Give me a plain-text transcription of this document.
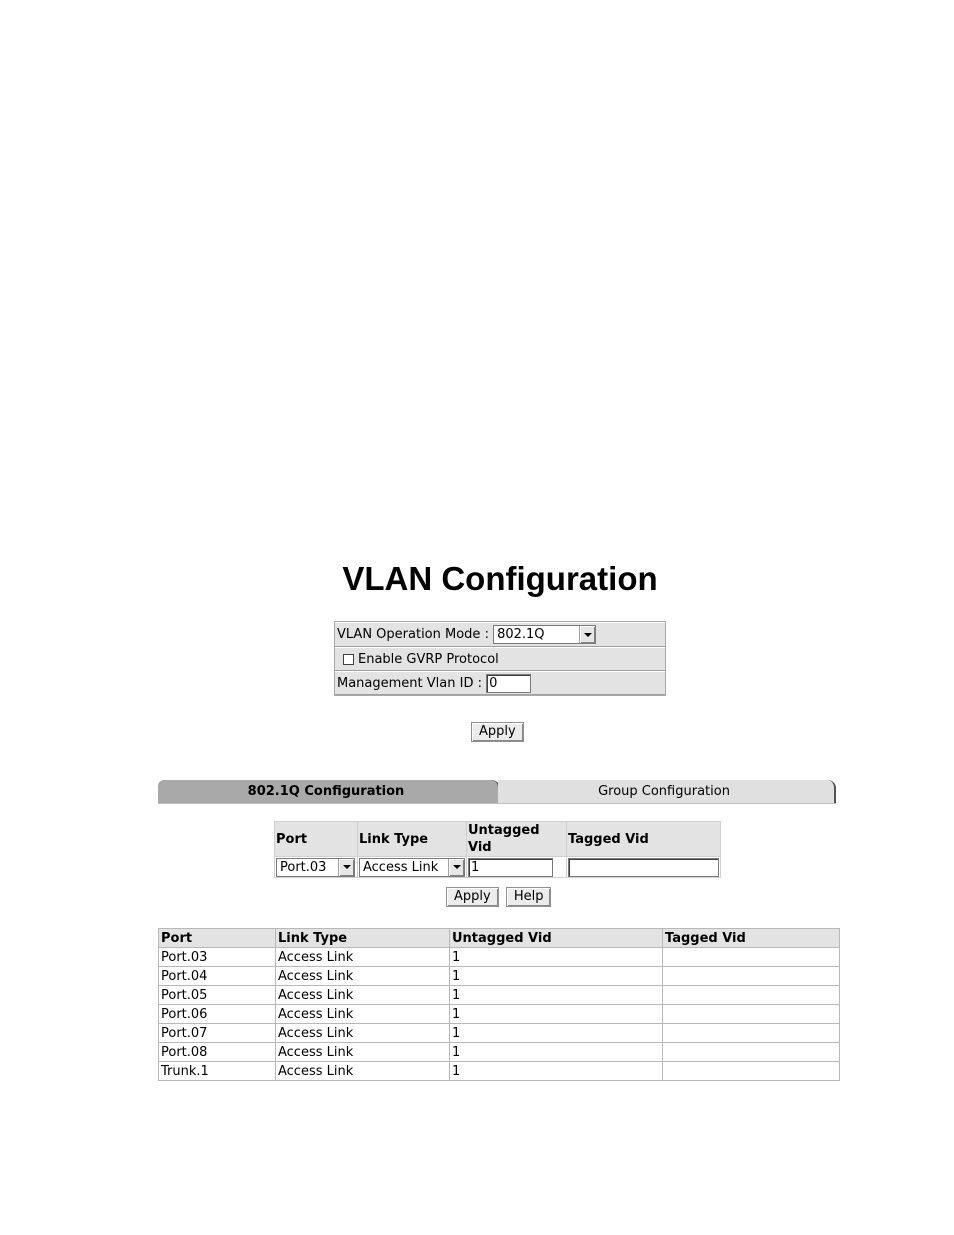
VLAN Configuration
VLAN Operation Mode : 802.1Q
Enable GVRP Protocol
Management Vlan ID : 0
Apply
802.1Q Configuration	Group Configuration
Port	Link Type	Untagged Vid	Tagged Vid

Port.03	Access Link	1	

Apply Help
Port	Link Type	Untagged Vid	Tagged Vid
Port.03	Access Link	1	
Port.04	Access Link	1	
Port.05	Access Link	1	
Port.06	Access Link	1	
Port.07	Access Link	1	
Port.08	Access Link	1	
Trunk.1	Access Link	1	
